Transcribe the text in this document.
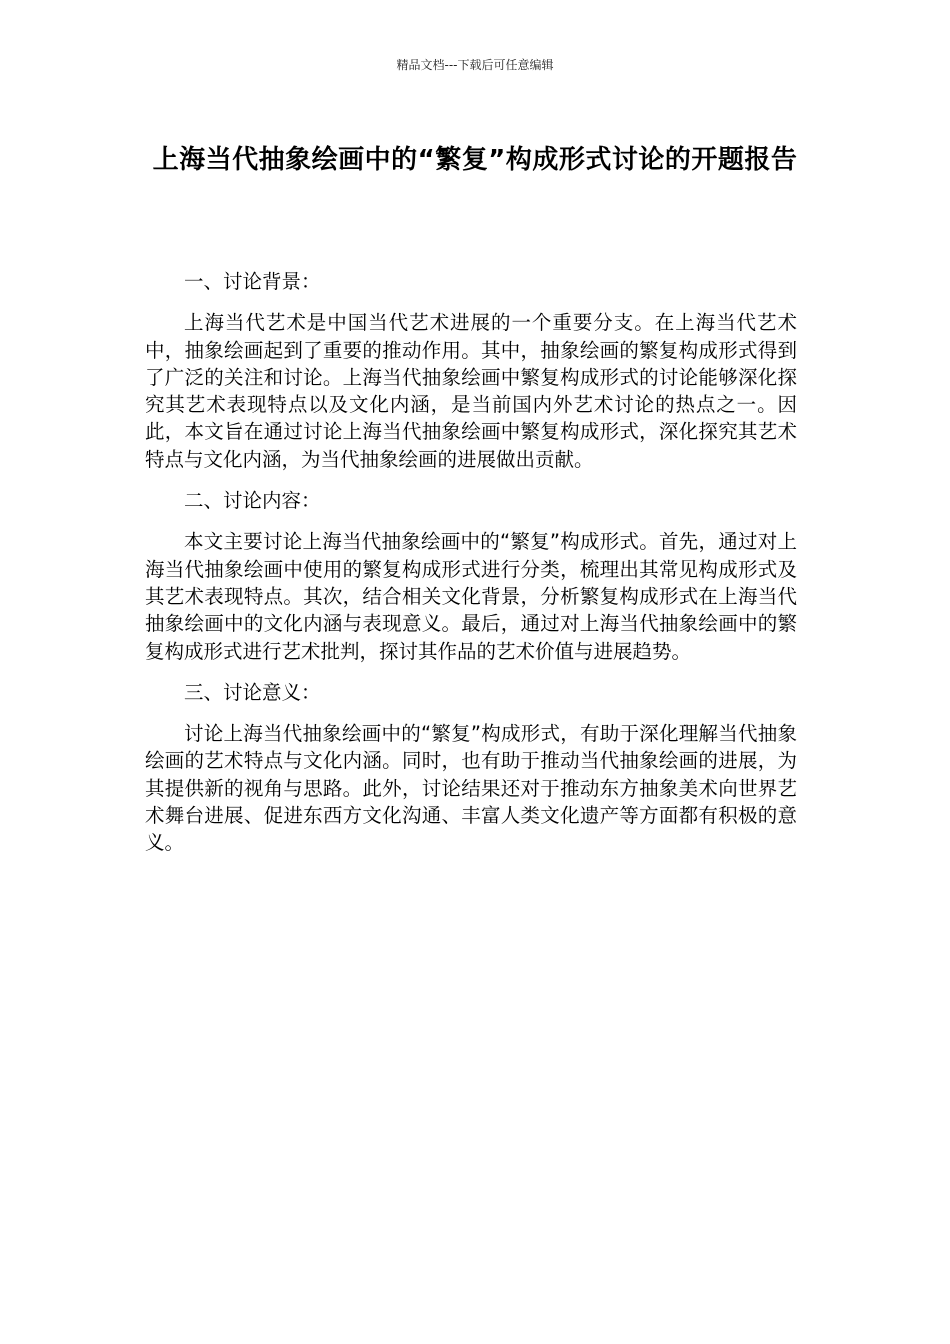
精品文档---下载后可任意编辑
上海当代抽象绘画中的“繁复”构成形式讨论的开题报告
一、讨论背景：
上海当代艺术是中国当代艺术进展的一个重要分支。在上海当代艺术中，抽象绘画起到了重要的推动作用。其中，抽象绘画的繁复构成形式得到了广泛的关注和讨论。上海当代抽象绘画中繁复构成形式的讨论能够深化探究其艺术表现特点以及文化内涵，是当前国内外艺术讨论的热点之一。因此，本文旨在通过讨论上海当代抽象绘画中繁复构成形式，深化探究其艺术特点与文化内涵，为当代抽象绘画的进展做出贡献。
二、讨论内容：
本文主要讨论上海当代抽象绘画中的“繁复”构成形式。首先，通过对上海当代抽象绘画中使用的繁复构成形式进行分类，梳理出其常见构成形式及其艺术表现特点。其次，结合相关文化背景，分析繁复构成形式在上海当代抽象绘画中的文化内涵与表现意义。最后，通过对上海当代抽象绘画中的繁复构成形式进行艺术批判，探讨其作品的艺术价值与进展趋势。
三、讨论意义：
讨论上海当代抽象绘画中的“繁复”构成形式，有助于深化理解当代抽象绘画的艺术特点与文化内涵。同时，也有助于推动当代抽象绘画的进展，为其提供新的视角与思路。此外，讨论结果还对于推动东方抽象美术向世界艺术舞台进展、促进东西方文化沟通、丰富人类文化遗产等方面都有积极的意义。
